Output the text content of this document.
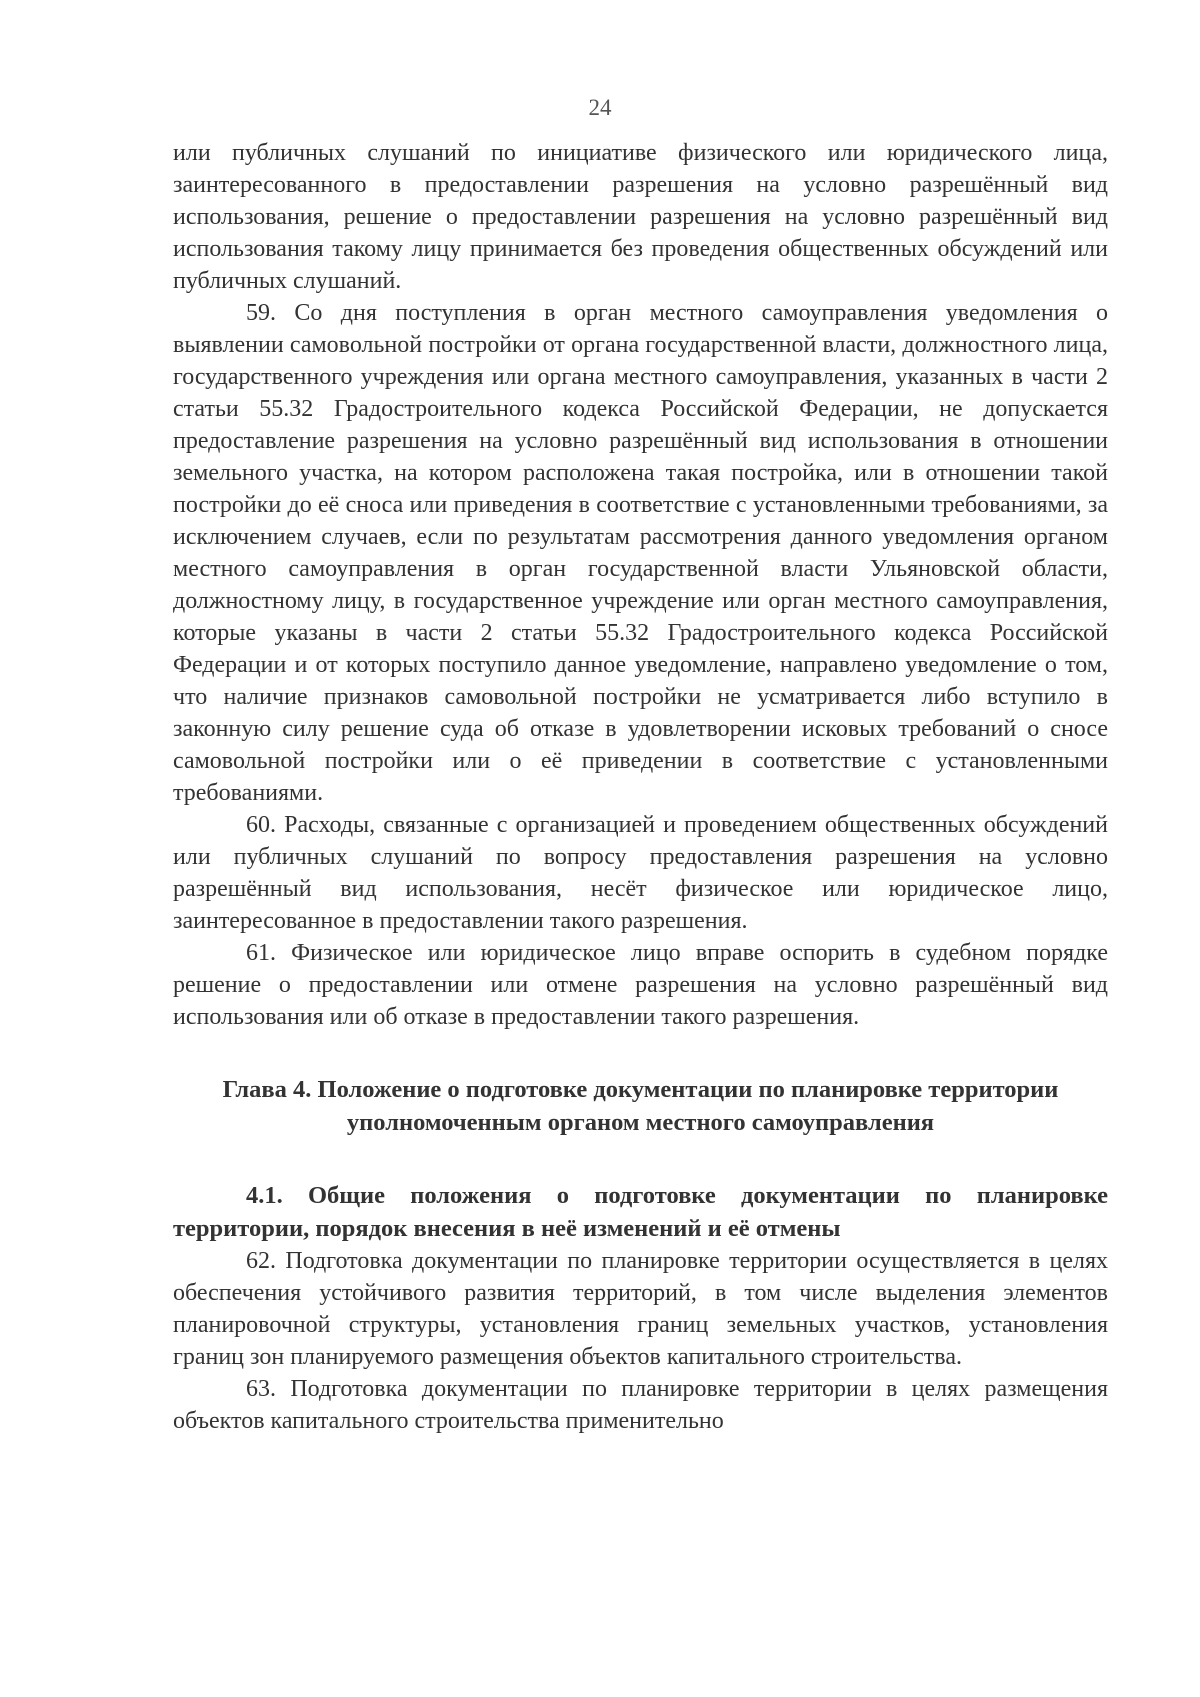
24

или публичных слушаний по инициативе физического или юридического лица, заинтересованного в предоставлении разрешения на условно разрешённый вид использования, решение о предоставлении разрешения на условно разрешённый вид использования такому лицу принимается без проведения общественных обсуждений или публичных слушаний.

59. Со дня поступления в орган местного самоуправления уведомления о выявлении самовольной постройки от органа государственной власти, должностного лица, государственного учреждения или органа местного самоуправления, указанных в части 2 статьи 55.32 Градостроительного кодекса Российской Федерации, не допускается предоставление разрешения на условно разрешённый вид использования в отношении земельного участка, на котором расположена такая постройка, или в отношении такой постройки до её сноса или приведения в соответствие с установленными требованиями, за исключением случаев, если по результатам рассмотрения данного уведомления органом местного самоуправления в орган государственной власти Ульяновской области, должностному лицу, в государственное учреждение или орган местного самоуправления, которые указаны в части 2 статьи 55.32 Градостроительного кодекса Российской Федерации и от которых поступило данное уведомление, направлено уведомление о том, что наличие признаков самовольной постройки не усматривается либо вступило в законную силу решение суда об отказе в удовлетворении исковых требований о сносе самовольной постройки или о её приведении в соответствие с установленными требованиями.

60. Расходы, связанные с организацией и проведением общественных обсуждений или публичных слушаний по вопросу предоставления разрешения на условно разрешённый вид использования, несёт физическое или юридическое лицо, заинтересованное в предоставлении такого разрешения.

61. Физическое или юридическое лицо вправе оспорить в судебном порядке решение о предоставлении или отмене разрешения на условно разрешённый вид использования или об отказе в предоставлении такого разрешения.

Глава 4. Положение о подготовке документации по планировке территории уполномоченным органом местного самоуправления

4.1. Общие положения о подготовке документации по планировке территории, порядок внесения в неё изменений и её отмены

62. Подготовка документации по планировке территории осуществляется в целях обеспечения устойчивого развития территорий, в том числе выделения элементов планировочной структуры, установления границ земельных участков, установления границ зон планируемого размещения объектов капитального строительства.

63. Подготовка документации по планировке территории в целях размещения объектов капитального строительства применительно
